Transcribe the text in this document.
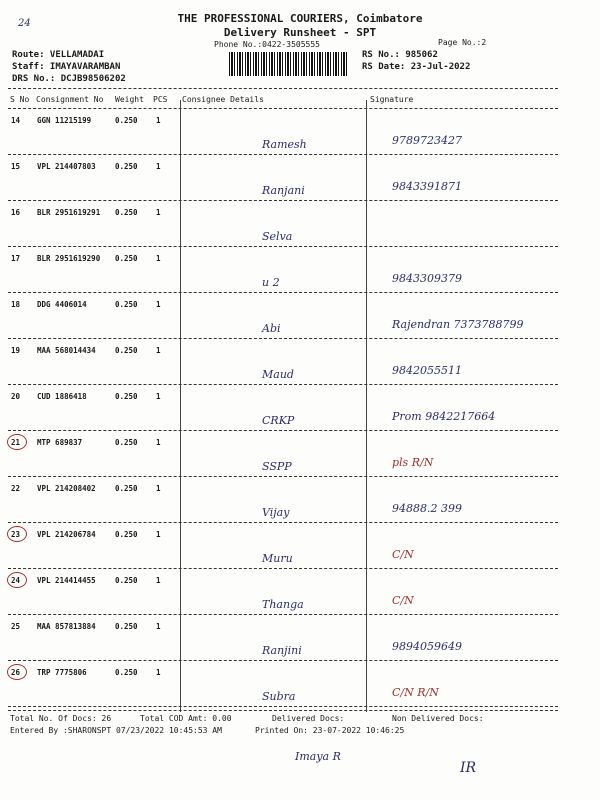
24	THE PROFESSIONAL COURIERS, Coimbatore
Delivery Runsheet - SPT
Phone No.:0422-3505555	Page No.:2
Route: VELLAMADAI
Staff: IMAYAVARAMBAN
DRS No.: DCJB98506202
RS No.: 985062
RS Date: 23-Jul-2022
S No Consignment No Weight PCS Consignee Details	Signature
14 GGN 11215199	0.250 1
Ramesh	9789723427
15 VPL 214407803	0.250 1
Ranjani	9843391871
16 BLR 2951619291 0.250 1
Selva
17 BLR 2951619290 0.250 1
u 2	9843309379
18 DDG 4406014	0.250 1
Abi	Rajendran 7373788799
19 MAA 568014434	0.250 1
Maud	9842055511
20 CUD 1886418	0.250 1
CRKP	Prom 9842217664
21 MTP 689837	0.250 1
SSPP	pls R/N
22 VPL 214208402	0.250 1
Vijay	94888.2 399
23 VPL 214206784	0.250 1
Muru	C/N
24 VPL 214414455	0.250 1
Thanga	C/N
25 MAA 857813884	0.250 1
Ranjini	9894059649
26 TRP 7775806	0.250 1
Subra	C/N R/N
Total No. Of Docs: 26	Total COD Amt: 0.00	Delivered Docs:	Non Delivered Docs:
Entered By :SHARONSPT 07/23/2022 10:45:53 AM	Printed On: 23-07-2022 10:46:25
Imaya R
IR
